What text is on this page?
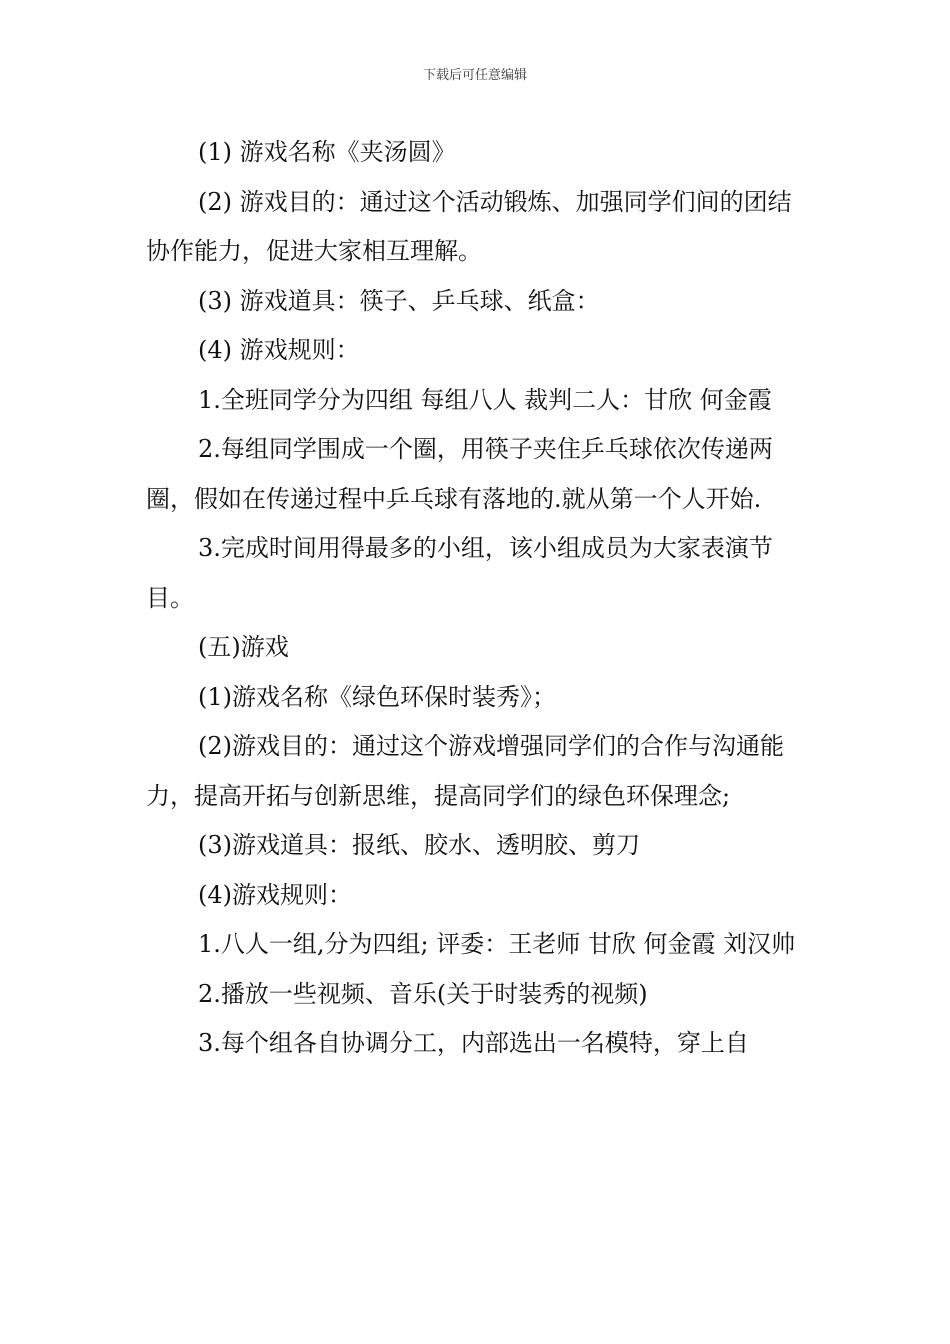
下载后可任意编辑

(1) 游戏名称《夹汤圆》

(2) 游戏目的：通过这个活动锻炼、加强同学们间的团结协作能力，促进大家相互理解。

(3) 游戏道具：筷子、乒乓球、纸盒：

(4) 游戏规则：

1.全班同学分为四组 每组八人 裁判二人：甘欣 何金霞

2.每组同学围成一个圈，用筷子夹住乒乓球依次传递两圈，假如在传递过程中乒乓球有落地的.就从第一个人开始.

3.完成时间用得最多的小组，该小组成员为大家表演节目。

(五)游戏

(1)游戏名称《绿色环保时装秀》；

(2)游戏目的：通过这个游戏增强同学们的合作与沟通能力，提高开拓与创新思维，提高同学们的绿色环保理念;

(3)游戏道具：报纸、胶水、透明胶、剪刀

(4)游戏规则：

1.八人一组,分为四组; 评委：王老师 甘欣 何金霞 刘汉帅

2.播放一些视频、音乐(关于时装秀的视频)

3.每个组各自协调分工，内部选出一名模特，穿上自
